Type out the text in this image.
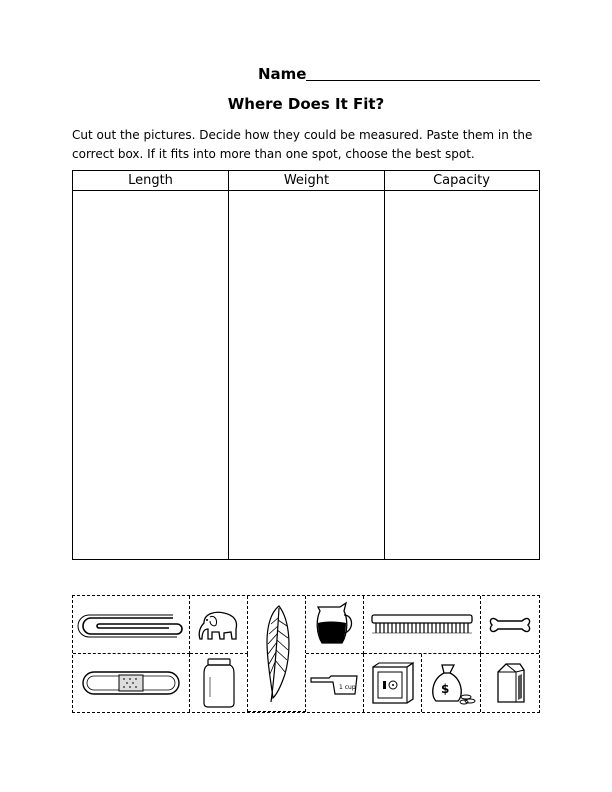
Name
Where Does It Fit?
Cut out the pictures. Decide how they could be measured. Paste them in the
correct box. If it fits into more than one spot, choose the best spot.
Length	Weight	Capacity
1 cup	$
